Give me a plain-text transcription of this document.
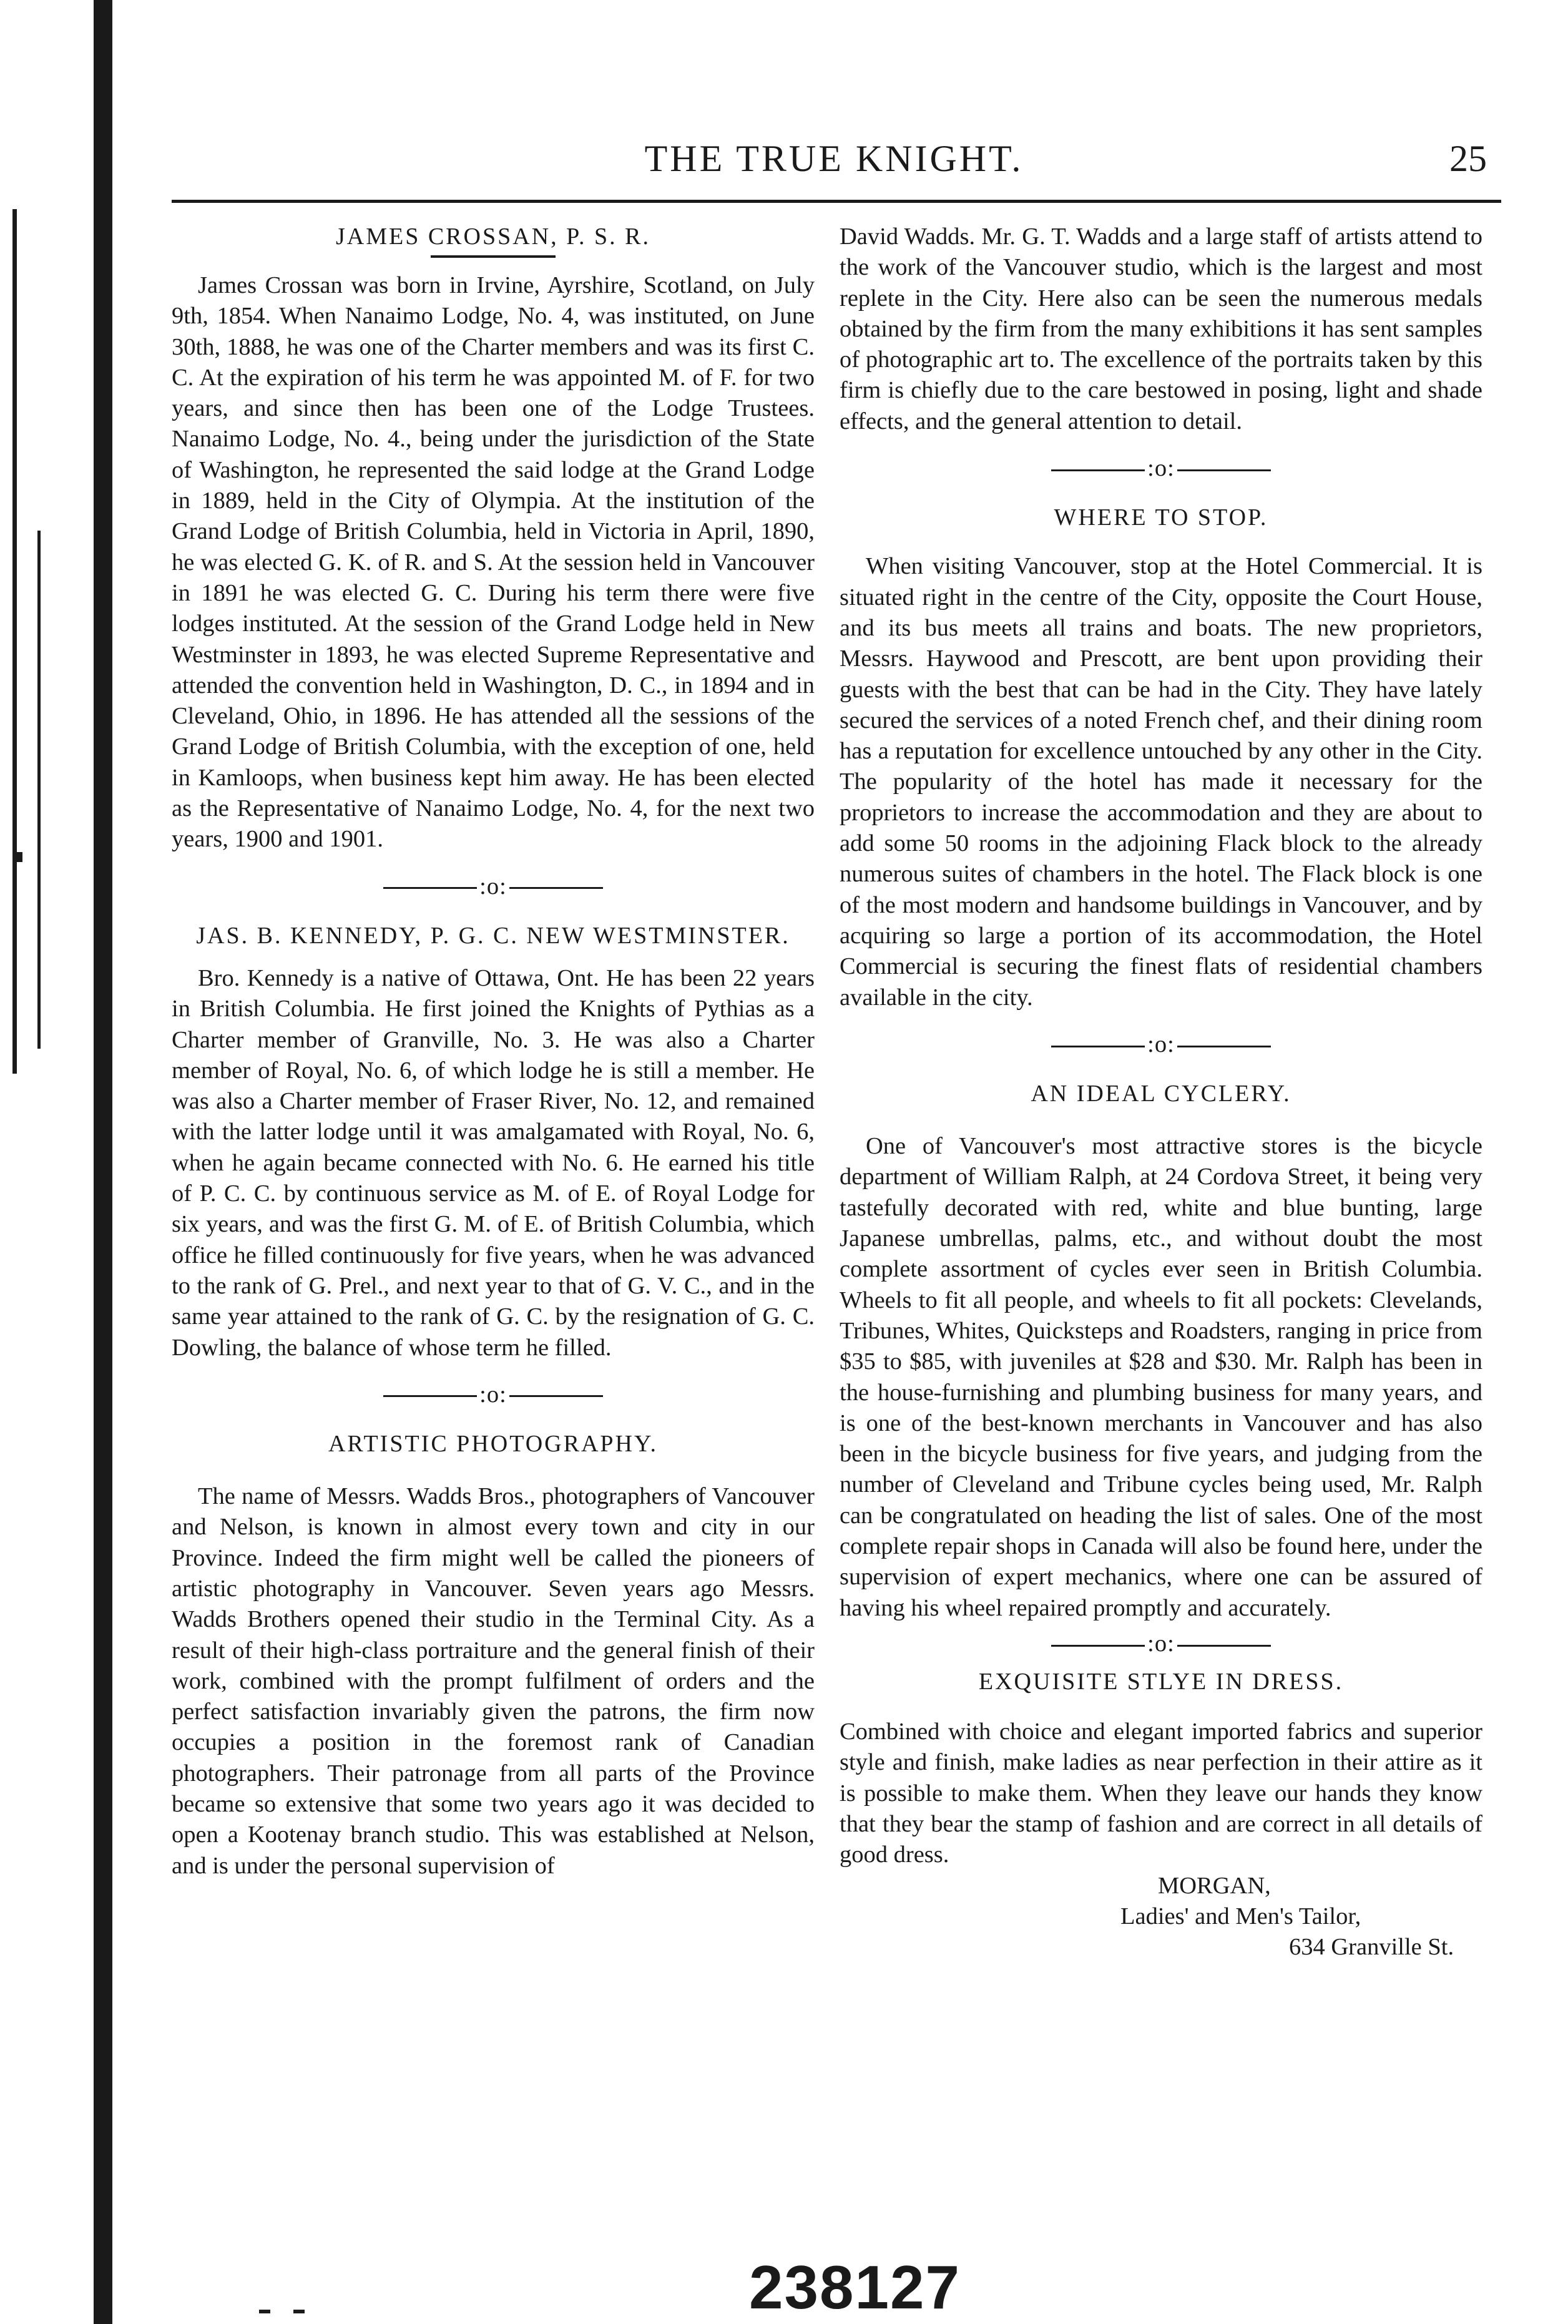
THE TRUE KNIGHT.	25
JAMES CROSSAN, P. S. R.

James Crossan was born in Irvine, Ayrshire, Scotland, on July 9th, 1854. When Nanaimo Lodge, No. 4, was instituted, on June 30th, 1888, he was one of the Charter members and was its first C. C. At the expiration of his term he was appointed M. of F. for two years, and since then has been one of the Lodge Trustees. Nanaimo Lodge, No. 4., being under the jurisdiction of the State of Washington, he represented the said lodge at the Grand Lodge in 1889, held in the City of Olympia. At the institution of the Grand Lodge of British Columbia, held in Victoria in April, 1890, he was elected G. K. of R. and S. At the session held in Vancouver in 1891 he was elected G. C. During his term there were five lodges instituted. At the session of the Grand Lodge held in New Westminster in 1893, he was elected Supreme Representative and attended the convention held in Washington, D. C., in 1894 and in Cleveland, Ohio, in 1896. He has attended all the sessions of the Grand Lodge of British Columbia, with the exception of one, held in Kamloops, when business kept him away. He has been elected as the Representative of Nanaimo Lodge, No. 4, for the next two years, 1900 and 1901.

:o:
JAS. B. KENNEDY, P. G. C. NEW WESTMINSTER.

Bro. Kennedy is a native of Ottawa, Ont. He has been 22 years in British Columbia. He first joined the Knights of Pythias as a Charter member of Granville, No. 3. He was also a Charter member of Royal, No. 6, of which lodge he is still a member. He was also a Charter member of Fraser River, No. 12, and remained with the latter lodge until it was amalgamated with Royal, No. 6, when he again became connected with No. 6. He earned his title of P. C. C. by continuous service as M. of E. of Royal Lodge for six years, and was the first G. M. of E. of British Columbia, which office he filled continuously for five years, when he was advanced to the rank of G. Prel., and next year to that of G. V. C., and in the same year attained to the rank of G. C. by the resignation of G. C. Dowling, the balance of whose term he filled.

:o:
ARTISTIC PHOTOGRAPHY.

The name of Messrs. Wadds Bros., photographers of Vancouver and Nelson, is known in almost every town and city in our Province. Indeed the firm might well be called the pioneers of artistic photography in Vancouver. Seven years ago Messrs. Wadds Brothers opened their studio in the Terminal City. As a result of their high-class portraiture and the general finish of their work, combined with the prompt fulfilment of orders and the perfect satisfaction invariably given the patrons, the firm now occupies a position in the foremost rank of Canadian photographers. Their patronage from all parts of the Province became so extensive that some two years ago it was decided to open a Kootenay branch studio. This was established at Nelson, and is under the personal supervision of

David Wadds. Mr. G. T. Wadds and a large staff of artists attend to the work of the Vancouver studio, which is the largest and most replete in the City. Here also can be seen the numerous medals obtained by the firm from the many exhibitions it has sent samples of photographic art to. The excellence of the portraits taken by this firm is chiefly due to the care bestowed in posing, light and shade effects, and the general attention to detail.

:o:
WHERE TO STOP.

When visiting Vancouver, stop at the Hotel Commercial. It is situated right in the centre of the City, opposite the Court House, and its bus meets all trains and boats. The new proprietors, Messrs. Haywood and Prescott, are bent upon providing their guests with the best that can be had in the City. They have lately secured the services of a noted French chef, and their dining room has a reputation for excellence untouched by any other in the City. The popularity of the hotel has made it necessary for the proprietors to increase the accommodation and they are about to add some 50 rooms in the adjoining Flack block to the already numerous suites of chambers in the hotel. The Flack block is one of the most modern and handsome buildings in Vancouver, and by acquiring so large a portion of its accommodation, the Hotel Commercial is securing the finest flats of residential chambers available in the city.

:o:
AN IDEAL CYCLERY.

One of Vancouver's most attractive stores is the bicycle department of William Ralph, at 24 Cordova Street, it being very tastefully decorated with red, white and blue bunting, large Japanese umbrellas, palms, etc., and without doubt the most complete assortment of cycles ever seen in British Columbia. Wheels to fit all people, and wheels to fit all pockets: Clevelands, Tribunes, Whites, Quicksteps and Roadsters, ranging in price from $35 to $85, with juveniles at $28 and $30. Mr. Ralph has been in the house-furnishing and plumbing business for many years, and is one of the best-known merchants in Vancouver and has also been in the bicycle business for five years, and judging from the number of Cleveland and Tribune cycles being used, Mr. Ralph can be congratulated on heading the list of sales. One of the most complete repair shops in Canada will also be found here, under the supervision of expert mechanics, where one can be assured of having his wheel repaired promptly and accurately.

:o:
EXQUISITE STLYE IN DRESS.

Combined with choice and elegant imported fabrics and superior style and finish, make ladies as near perfection in their attire as it is possible to make them. When they leave our hands they know that they bear the stamp of fashion and are correct in all details of good dress.

MORGAN,
Ladies' and Men's Tailor,
634 Granville St.
238127
